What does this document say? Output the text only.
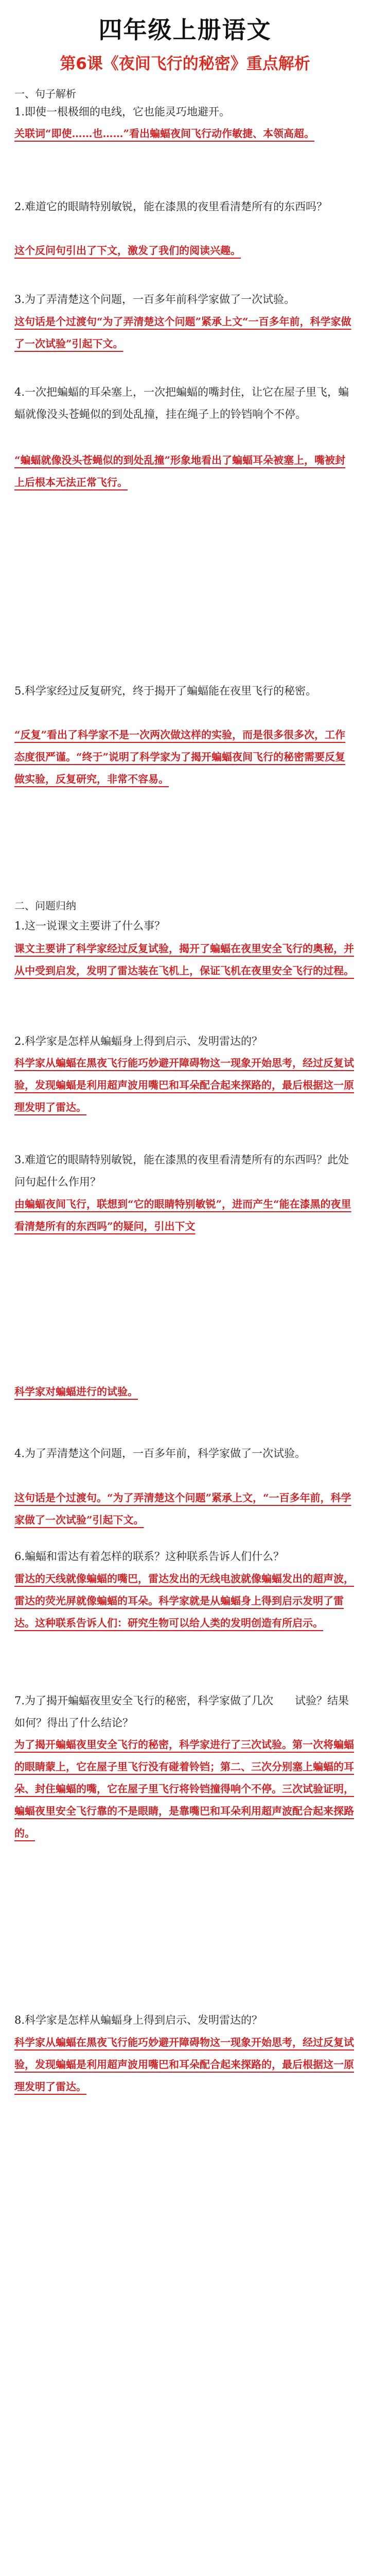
四年级上册语文
第6课《夜间飞行的秘密》重点解析
一、句子解析
1.即使一根极细的电线，它也能灵巧地避开。
关联词“即使……也……”看出蝙蝠夜间飞行动作敏捷、本领高超。
2.难道它的眼睛特别敏锐，能在漆黑的夜里看清楚所有的东西吗？
这个反问句引出了下文，激发了我们的阅读兴趣。
3.为了弄清楚这个问题，一百多年前科学家做了一次试验。
这句话是个过渡句“为了弄清楚这个问题”紧承上文“一百多年前，科学家做了一次试验”引起下文。
4.一次把蝙蝠的耳朵塞上，一次把蝙蝠的嘴封住，让它在屋子里飞，蝙蝠就像没头苍蝇似的到处乱撞，挂在绳子上的铃铛响个不停。
“蝙蝠就像没头苍蝇似的到处乱撞”形象地看出了蝙蝠耳朵被塞上，嘴被封上后根本无法正常飞行。
5.科学家经过反复研究，终于揭开了蝙蝠能在夜里飞行的秘密。
“反复”看出了科学家不是一次两次做这样的实验，而是很多很多次，工作态度很严谨。“终于”说明了科学家为了揭开蝙蝠夜间飞行的秘密需要反复做实验，反复研究，非常不容易。
二、问题归纳
1.这一说课文主要讲了什么事？
课文主要讲了科学家经过反复试验，揭开了蝙蝠在夜里安全飞行的奥秘，并从中受到启发，发明了雷达装在飞机上，保证飞机在夜里安全飞行的过程。
2.科学家是怎样从蝙蝠身上得到启示、发明雷达的？
科学家从蝙蝠在黑夜飞行能巧妙避开障碍物这一现象开始思考，经过反复试验，发现蝙蝠是利用超声波用嘴巴和耳朵配合起来探路的，最后根据这一原理发明了雷达。
3.难道它的眼睛特别敏锐，能在漆黑的夜里看清楚所有的东西吗？此处问句起什么作用？
由蝙蝠夜间飞行，联想到“它的眼睛特别敏锐”，进而产生“能在漆黑的夜里看清楚所有的东西吗”的疑问，引出下文
科学家对蝙蝠进行的试验。
4.为了弄清楚这个问题，一百多年前，科学家做了一次试验。
这句话是个过渡句。“为了弄清楚这个问题”紧承上文，“一百多年前，科学家做了一次试验”引起下文。
6.蝙蝠和雷达有着怎样的联系？这种联系告诉人们什么？
雷达的天线就像蝙蝠的嘴巴，雷达发出的无线电波就像蝙蝠发出的超声波，雷达的荧光屏就像蝙蝠的耳朵。科学家就是从蝙蝠身上得到启示发明了雷达。这种联系告诉人们：研究生物可以给人类的发明创造有所启示。
7.为了揭开蝙蝠夜里安全飞行的秘密，科学家做了几次　　试验？结果如何？得出了什么结论？
为了揭开蝙蝠夜里安全飞行的秘密，科学家进行了三次试验。第一次将蝙蝠的眼睛蒙上，它在屋子里飞行没有碰着铃铛；第二、三次分别塞上蝙蝠的耳朵、封住蝙蝠的嘴，它在屋子里飞行将铃铛撞得响个不停。三次试验证明，蝙蝠夜里安全飞行靠的不是眼睛，是靠嘴巴和耳朵利用超声波配合起来探路的。
8.科学家是怎样从蝙蝠身上得到启示、发明雷达的？
科学家从蝙蝠在黑夜飞行能巧妙避开障碍物这一现象开始思考，经过反复试验，发现蝙蝠是利用超声波用嘴巴和耳朵配合起来探路的，最后根据这一原理发明了雷达。
